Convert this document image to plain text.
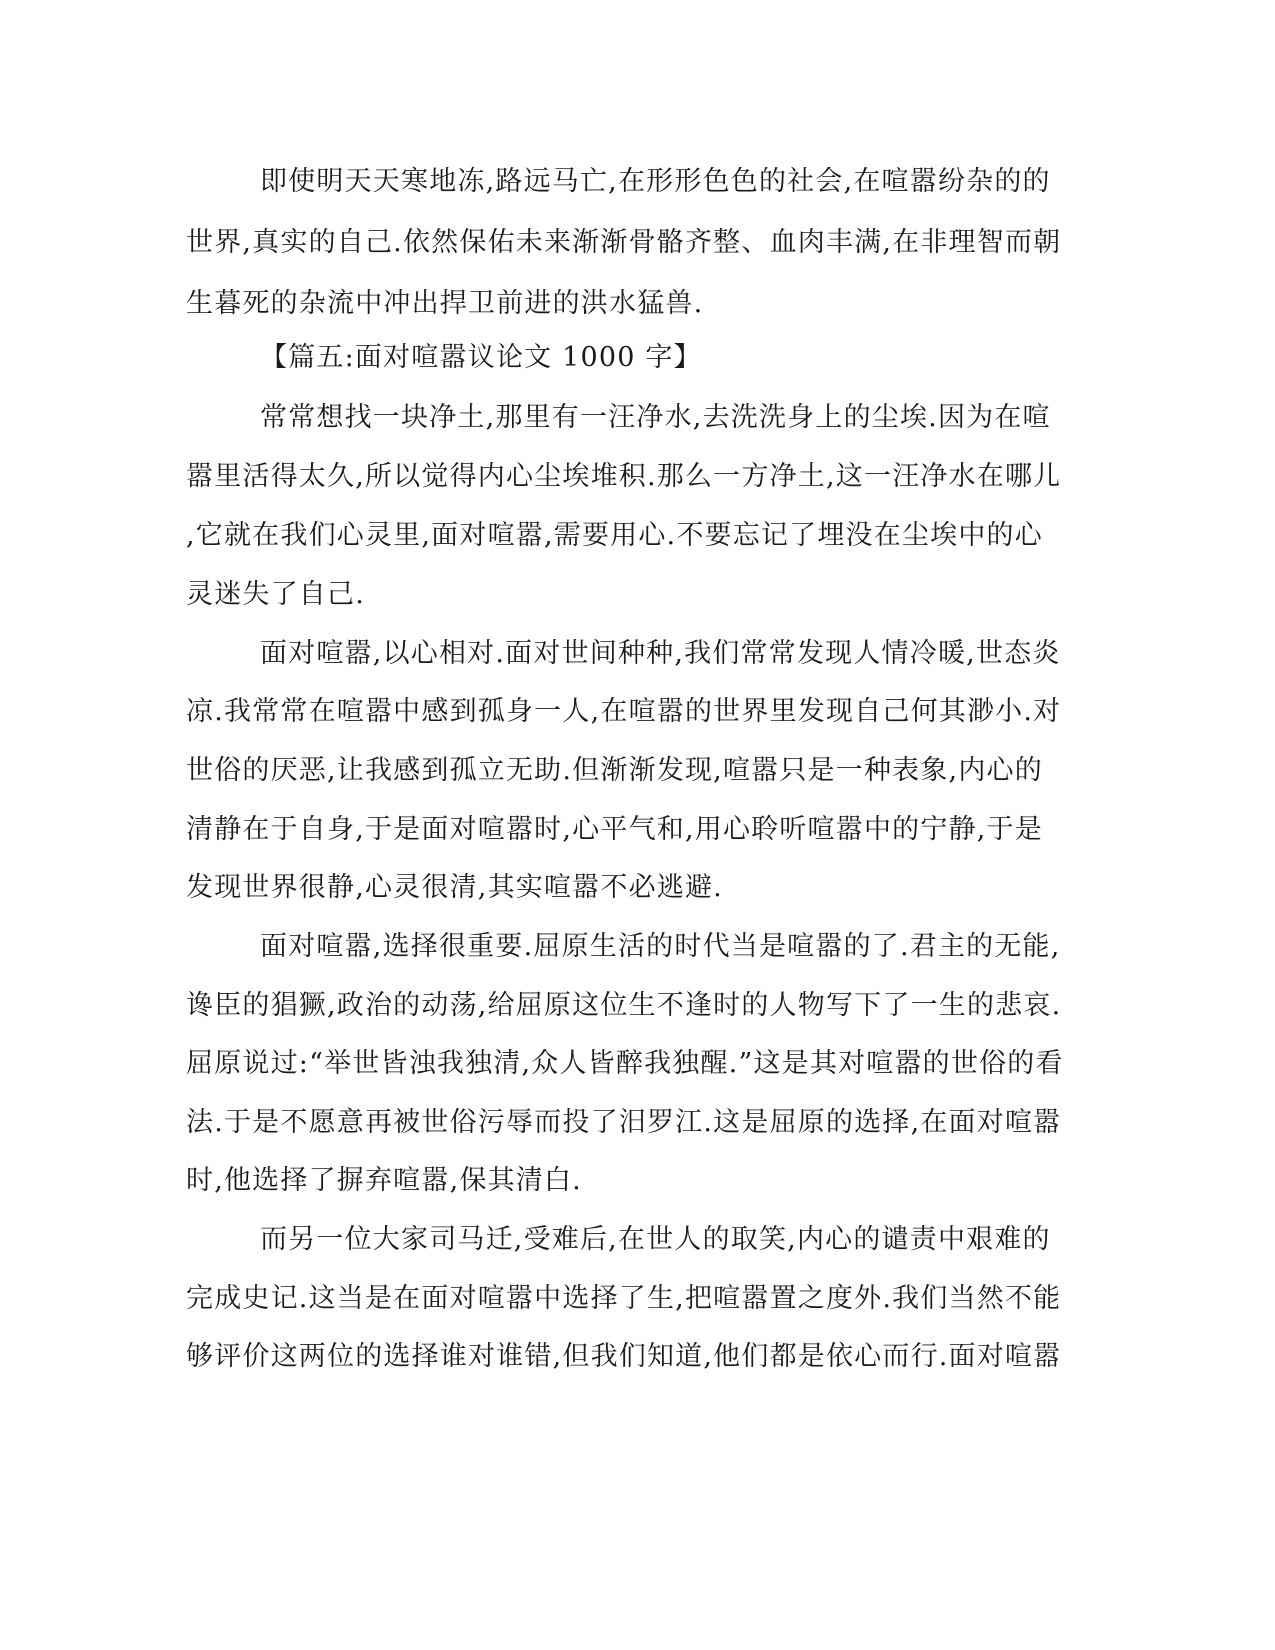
即使明天天寒地冻,路远马亡,在形形色色的社会,在喧嚣纷杂的的
世界,真实的自己.依然保佑未来渐渐骨骼齐整、血肉丰满,在非理智而朝
生暮死的杂流中冲出捍卫前进的洪水猛兽.
【篇五:面对喧嚣议论文 1000 字】
常常想找一块净土,那里有一汪净水,去洗洗身上的尘埃.因为在喧
嚣里活得太久,所以觉得内心尘埃堆积.那么一方净土,这一汪净水在哪儿
,它就在我们心灵里,面对喧嚣,需要用心.不要忘记了埋没在尘埃中的心
灵迷失了自己.
面对喧嚣,以心相对.面对世间种种,我们常常发现人情冷暖,世态炎
凉.我常常在喧嚣中感到孤身一人,在喧嚣的世界里发现自己何其渺小.对
世俗的厌恶,让我感到孤立无助.但渐渐发现,喧嚣只是一种表象,内心的
清静在于自身,于是面对喧嚣时,心平气和,用心聆听喧嚣中的宁静,于是
发现世界很静,心灵很清,其实喧嚣不必逃避.
面对喧嚣,选择很重要.屈原生活的时代当是喧嚣的了.君主的无能,
谗臣的猖獗,政治的动荡,给屈原这位生不逢时的人物写下了一生的悲哀.
屈原说过:“举世皆浊我独清,众人皆醉我独醒.”这是其对喧嚣的世俗的看
法.于是不愿意再被世俗污辱而投了汨罗江.这是屈原的选择,在面对喧嚣
时,他选择了摒弃喧嚣,保其清白.
而另一位大家司马迁,受难后,在世人的取笑,内心的谴责中艰难的
完成史记.这当是在面对喧嚣中选择了生,把喧嚣置之度外.我们当然不能
够评价这两位的选择谁对谁错,但我们知道,他们都是依心而行.面对喧嚣
